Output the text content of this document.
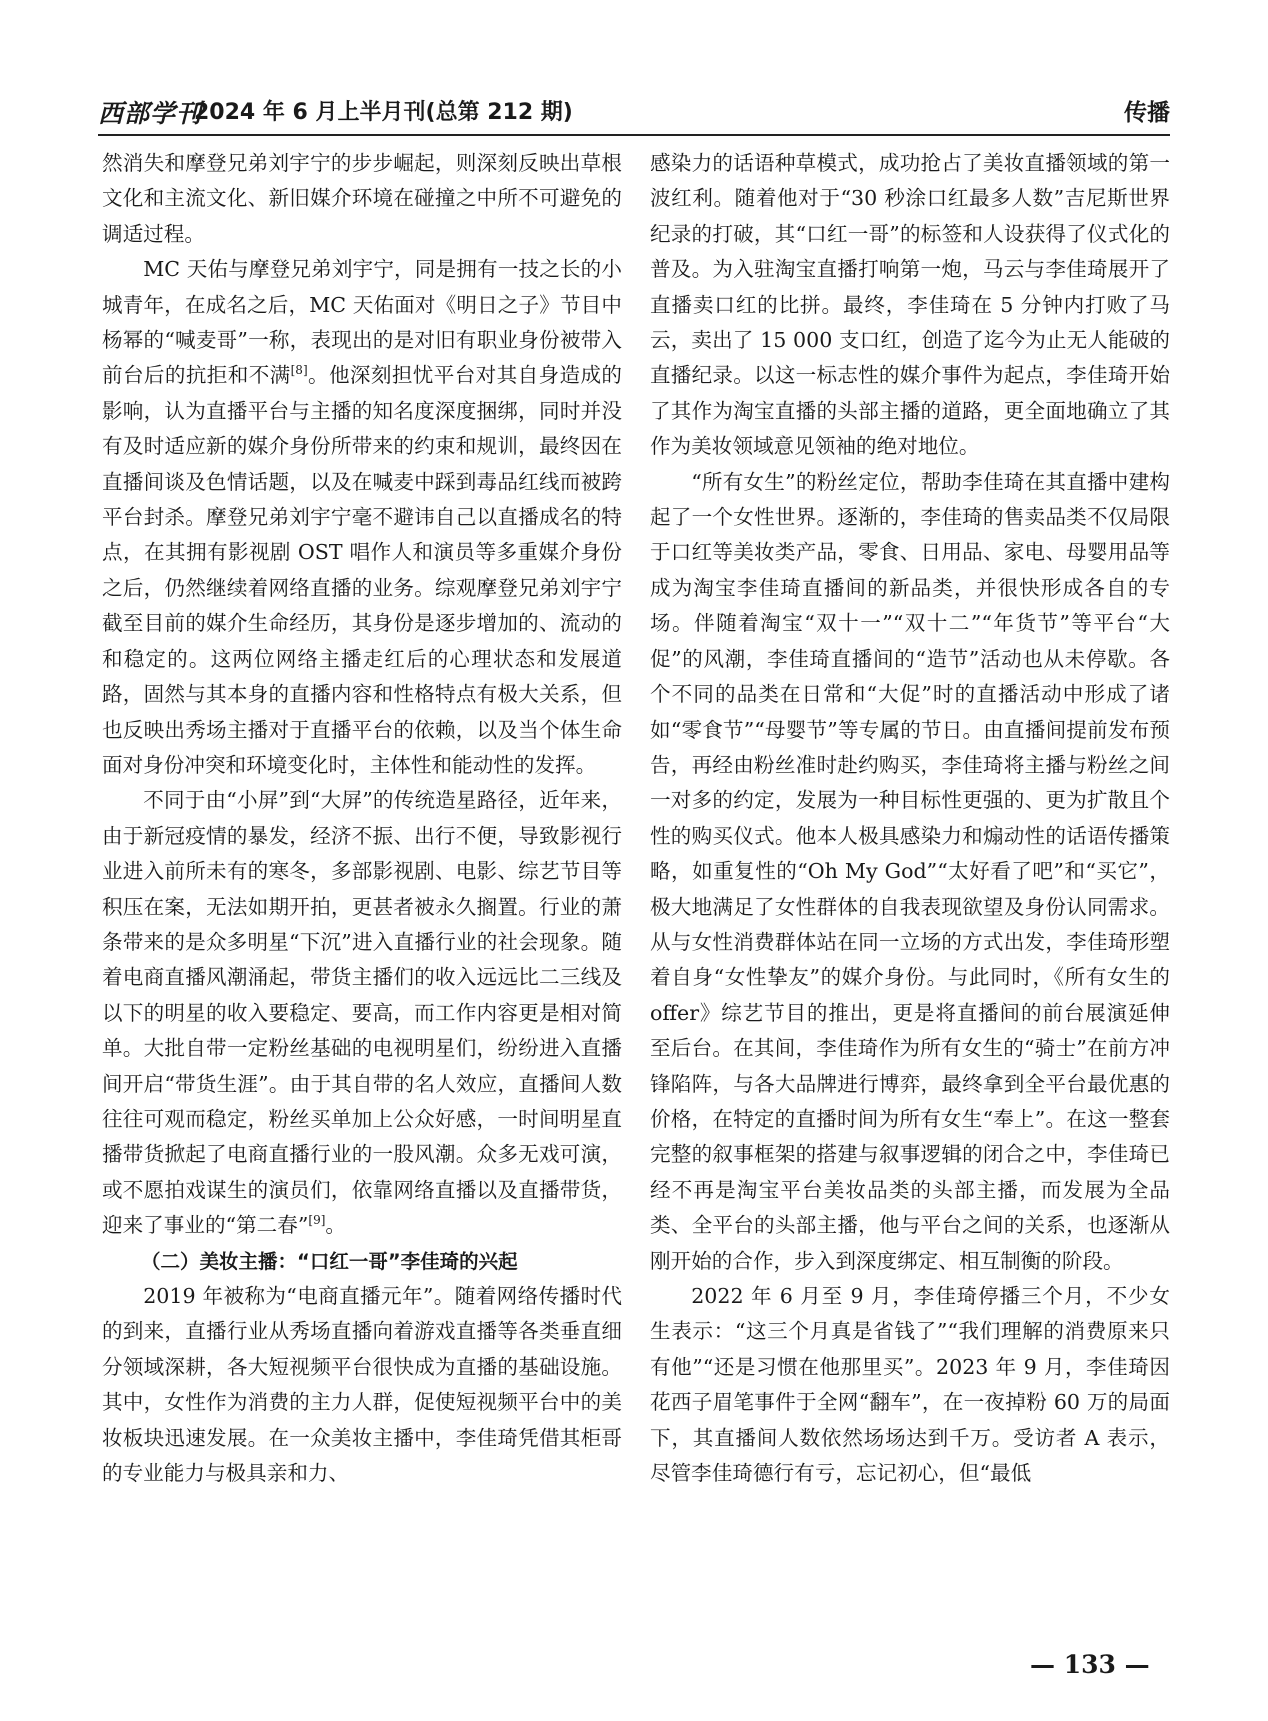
西部学刊
2024 年 6 月上半月刊(总第 212 期)	传播

然消失和摩登兄弟刘宇宁的步步崛起，则深刻反映出草根文化和主流文化、新旧媒介环境在碰撞之中所不可避免的调适过程。

MC 天佑与摩登兄弟刘宇宁，同是拥有一技之长的小城青年，在成名之后，MC 天佑面对《明日之子》节目中杨幂的“喊麦哥”一称，表现出的是对旧有职业身份被带入前台后的抗拒和不满[8]。他深刻担忧平台对其自身造成的影响，认为直播平台与主播的知名度深度捆绑，同时并没有及时适应新的媒介身份所带来的约束和规训，最终因在直播间谈及色情话题，以及在喊麦中踩到毒品红线而被跨平台封杀。摩登兄弟刘宇宁毫不避讳自己以直播成名的特点，在其拥有影视剧 OST 唱作人和演员等多重媒介身份之后，仍然继续着网络直播的业务。综观摩登兄弟刘宇宁截至目前的媒介生命经历，其身份是逐步增加的、流动的和稳定的。这两位网络主播走红后的心理状态和发展道路，固然与其本身的直播内容和性格特点有极大关系，但也反映出秀场主播对于直播平台的依赖，以及当个体生命面对身份冲突和环境变化时，主体性和能动性的发挥。

不同于由“小屏”到“大屏”的传统造星路径，近年来，由于新冠疫情的暴发，经济不振、出行不便，导致影视行业进入前所未有的寒冬，多部影视剧、电影、综艺节目等积压在案，无法如期开拍，更甚者被永久搁置。行业的萧条带来的是众多明星“下沉”进入直播行业的社会现象。随着电商直播风潮涌起，带货主播们的收入远远比二三线及以下的明星的收入要稳定、要高，而工作内容更是相对简单。大批自带一定粉丝基础的电视明星们，纷纷进入直播间开启“带货生涯”。由于其自带的名人效应，直播间人数往往可观而稳定，粉丝买单加上公众好感，一时间明星直播带货掀起了电商直播行业的一股风潮。众多无戏可演，或不愿拍戏谋生的演员们，依靠网络直播以及直播带货，迎来了事业的“第二春”[9]。

（二）美妆主播：“口红一哥”李佳琦的兴起

2019 年被称为“电商直播元年”。随着网络传播时代的到来，直播行业从秀场直播向着游戏直播等各类垂直细分领域深耕，各大短视频平台很快成为直播的基础设施。其中，女性作为消费的主力人群，促使短视频平台中的美妆板块迅速发展。在一众美妆主播中，李佳琦凭借其柜哥的专业能力与极具亲和力、

感染力的话语种草模式，成功抢占了美妆直播领域的第一波红利。随着他对于“30 秒涂口红最多人数”吉尼斯世界纪录的打破，其“口红一哥”的标签和人设获得了仪式化的普及。为入驻淘宝直播打响第一炮，马云与李佳琦展开了直播卖口红的比拼。最终，李佳琦在 5 分钟内打败了马云，卖出了 15 000 支口红，创造了迄今为止无人能破的直播纪录。以这一标志性的媒介事件为起点，李佳琦开始了其作为淘宝直播的头部主播的道路，更全面地确立了其作为美妆领域意见领袖的绝对地位。

“所有女生”的粉丝定位，帮助李佳琦在其直播中建构起了一个女性世界。逐渐的，李佳琦的售卖品类不仅局限于口红等美妆类产品，零食、日用品、家电、母婴用品等成为淘宝李佳琦直播间的新品类，并很快形成各自的专场。伴随着淘宝“双十一”“双十二”“年货节”等平台“大促”的风潮，李佳琦直播间的“造节”活动也从未停歇。各个不同的品类在日常和“大促”时的直播活动中形成了诸如“零食节”“母婴节”等专属的节日。由直播间提前发布预告，再经由粉丝准时赴约购买，李佳琦将主播与粉丝之间一对多的约定，发展为一种目标性更强的、更为扩散且个性的购买仪式。他本人极具感染力和煽动性的话语传播策略，如重复性的“Oh My God”“太好看了吧”和“买它”，极大地满足了女性群体的自我表现欲望及身份认同需求。从与女性消费群体站在同一立场的方式出发，李佳琦形塑着自身“女性挚友”的媒介身份。与此同时，《所有女生的 offer》综艺节目的推出，更是将直播间的前台展演延伸至后台。在其间，李佳琦作为所有女生的“骑士”在前方冲锋陷阵，与各大品牌进行博弈，最终拿到全平台最优惠的价格，在特定的直播时间为所有女生“奉上”。在这一整套完整的叙事框架的搭建与叙事逻辑的闭合之中，李佳琦已经不再是淘宝平台美妆品类的头部主播，而发展为全品类、全平台的头部主播，他与平台之间的关系，也逐渐从刚开始的合作，步入到深度绑定、相互制衡的阶段。

2022 年 6 月至 9 月，李佳琦停播三个月，不少女生表示：“这三个月真是省钱了”“我们理解的消费原来只有他”“还是习惯在他那里买”。2023 年 9 月，李佳琦因花西子眉笔事件于全网“翻车”，在一夜掉粉 60 万的局面下，其直播间人数依然场场达到千万。受访者 A 表示，尽管李佳琦德行有亏，忘记初心，但“最低

— 133 —
